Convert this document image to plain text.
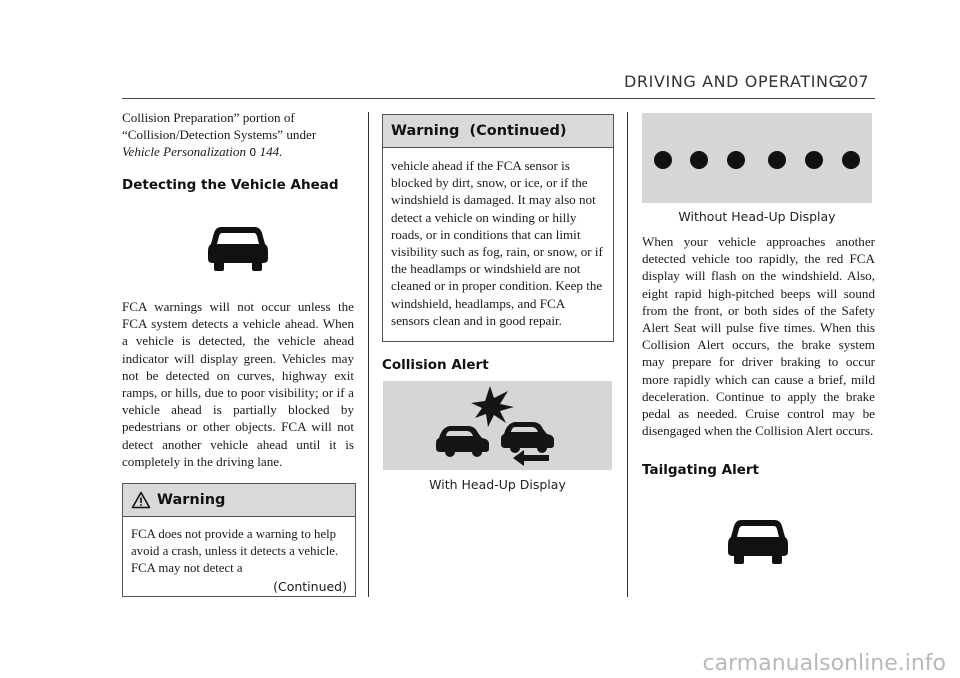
DRIVING AND OPERATING
207

Collision Preparation” portion of
“Collision/Detection Systems” under
Vehicle Personalization 0 144.

Detecting the Vehicle Ahead

FCA warnings will not occur unless the FCA system detects a vehicle ahead. When a vehicle is detected, the vehicle ahead indicator will display green. Vehicles may not be detected on curves, highway exit ramps, or hills, due to poor visibility; or if a vehicle ahead is partially blocked by pedestrians or other objects. FCA will not detect another vehicle ahead until it is completely in the driving lane.

Warning

FCA does not provide a warning to help avoid a crash, unless it detects a vehicle. FCA may not detect a

(Continued)
Warning  (Continued)

vehicle ahead if the FCA sensor is blocked by dirt, snow, or ice, or if the windshield is damaged. It may also not detect a vehicle on winding or hilly roads, or in conditions that can limit visibility such as fog, rain, or snow, or if the headlamps or windshield are not cleaned or in proper condition. Keep the windshield, headlamps, and FCA sensors clean and in good repair.

Collision Alert
With Head-Up Display
Without Head-Up Display

When your vehicle approaches another detected vehicle too rapidly, the red FCA display will flash on the windshield. Also, eight rapid high-pitched beeps will sound from the front, or both sides of the Safety Alert Seat will pulse five times. When this Collision Alert occurs, the brake system may prepare for driver braking to occur more rapidly which can cause a brief, mild deceleration. Continue to apply the brake pedal as needed. Cruise control may be disengaged when the Collision Alert occurs.

Tailgating Alert
carmanualsonline.info
